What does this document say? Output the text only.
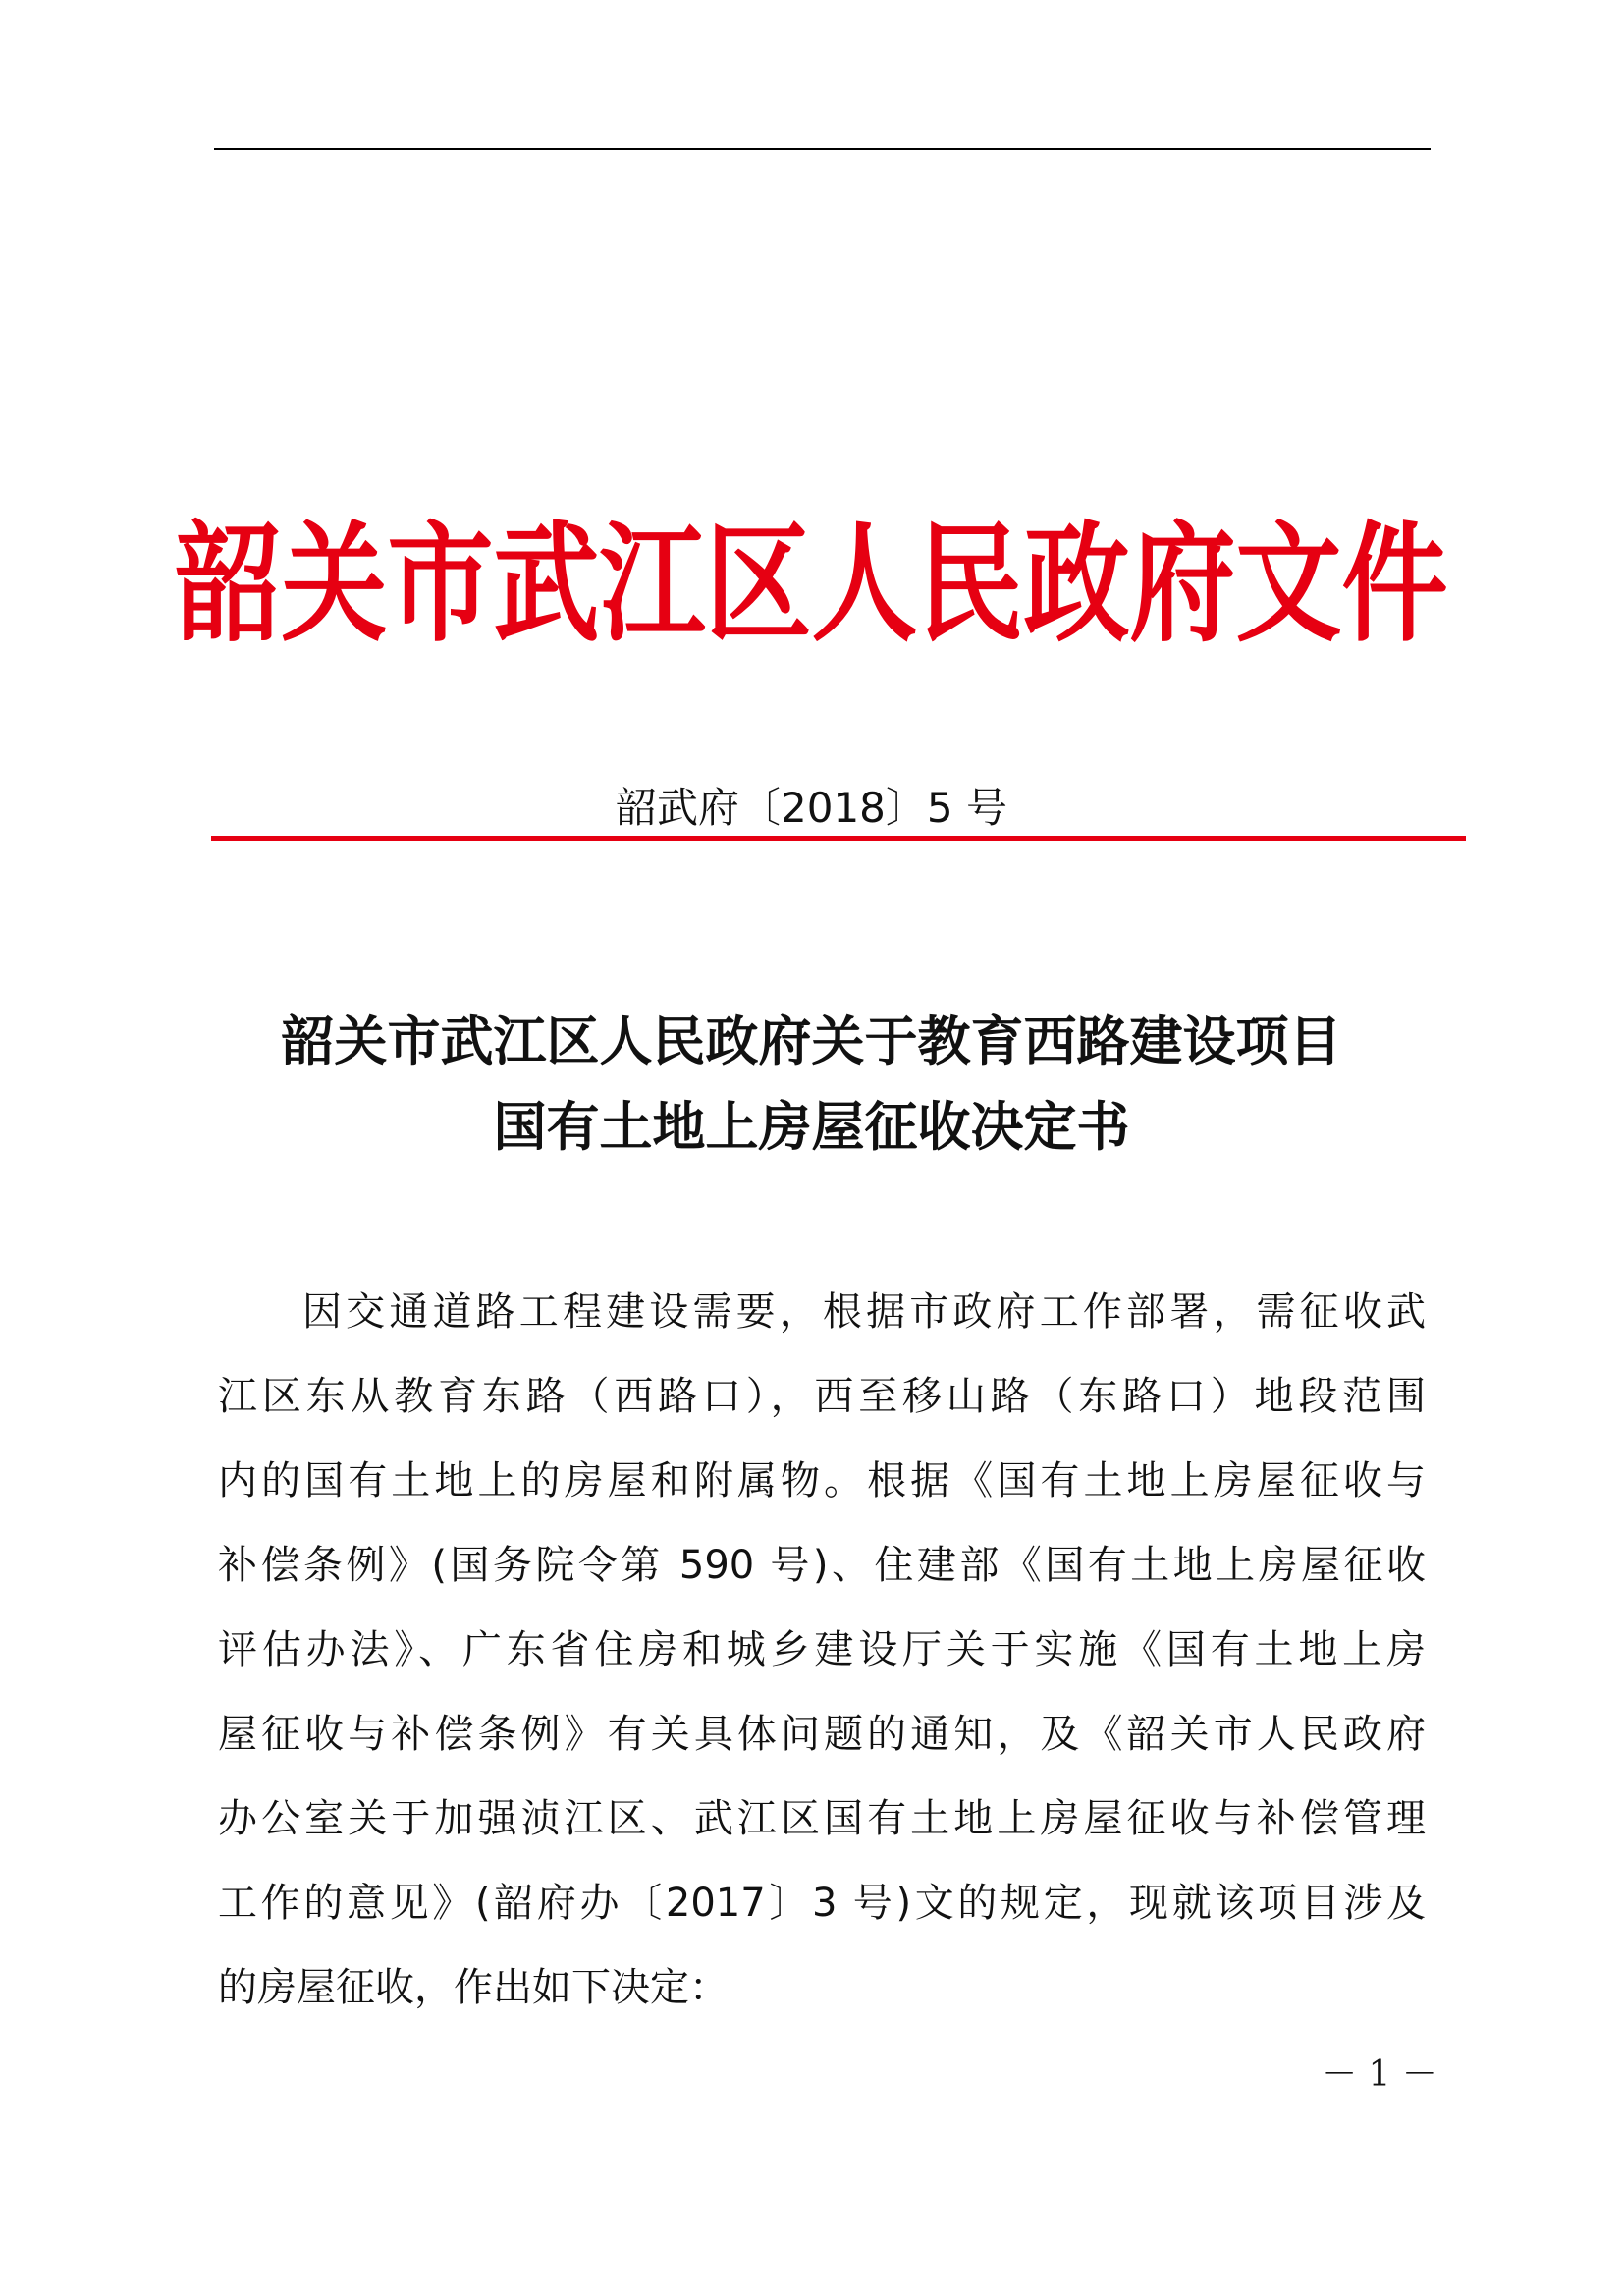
韶关市武江区人民政府文件
韶武府〔2018〕5 号
韶关市武江区人民政府关于教育西路建设项目
国有土地上房屋征收决定书
因交通道路工程建设需要，根据市政府工作部署，需征收武
江区东从教育东路（西路口），西至移山路（东路口）地段范围
内的国有土地上的房屋和附属物。根据《国有土地上房屋征收与
补偿条例》(国务院令第 590 号)、住建部《国有土地上房屋征收
评估办法》、广东省住房和城乡建设厅关于实施《国有土地上房
屋征收与补偿条例》有关具体问题的通知，及《韶关市人民政府
办公室关于加强浈江区、武江区国有土地上房屋征收与补偿管理
工作的意见》(韶府办〔2017〕3 号)文的规定，现就该项目涉及
的房屋征收，作出如下决定：
－ 1 －
